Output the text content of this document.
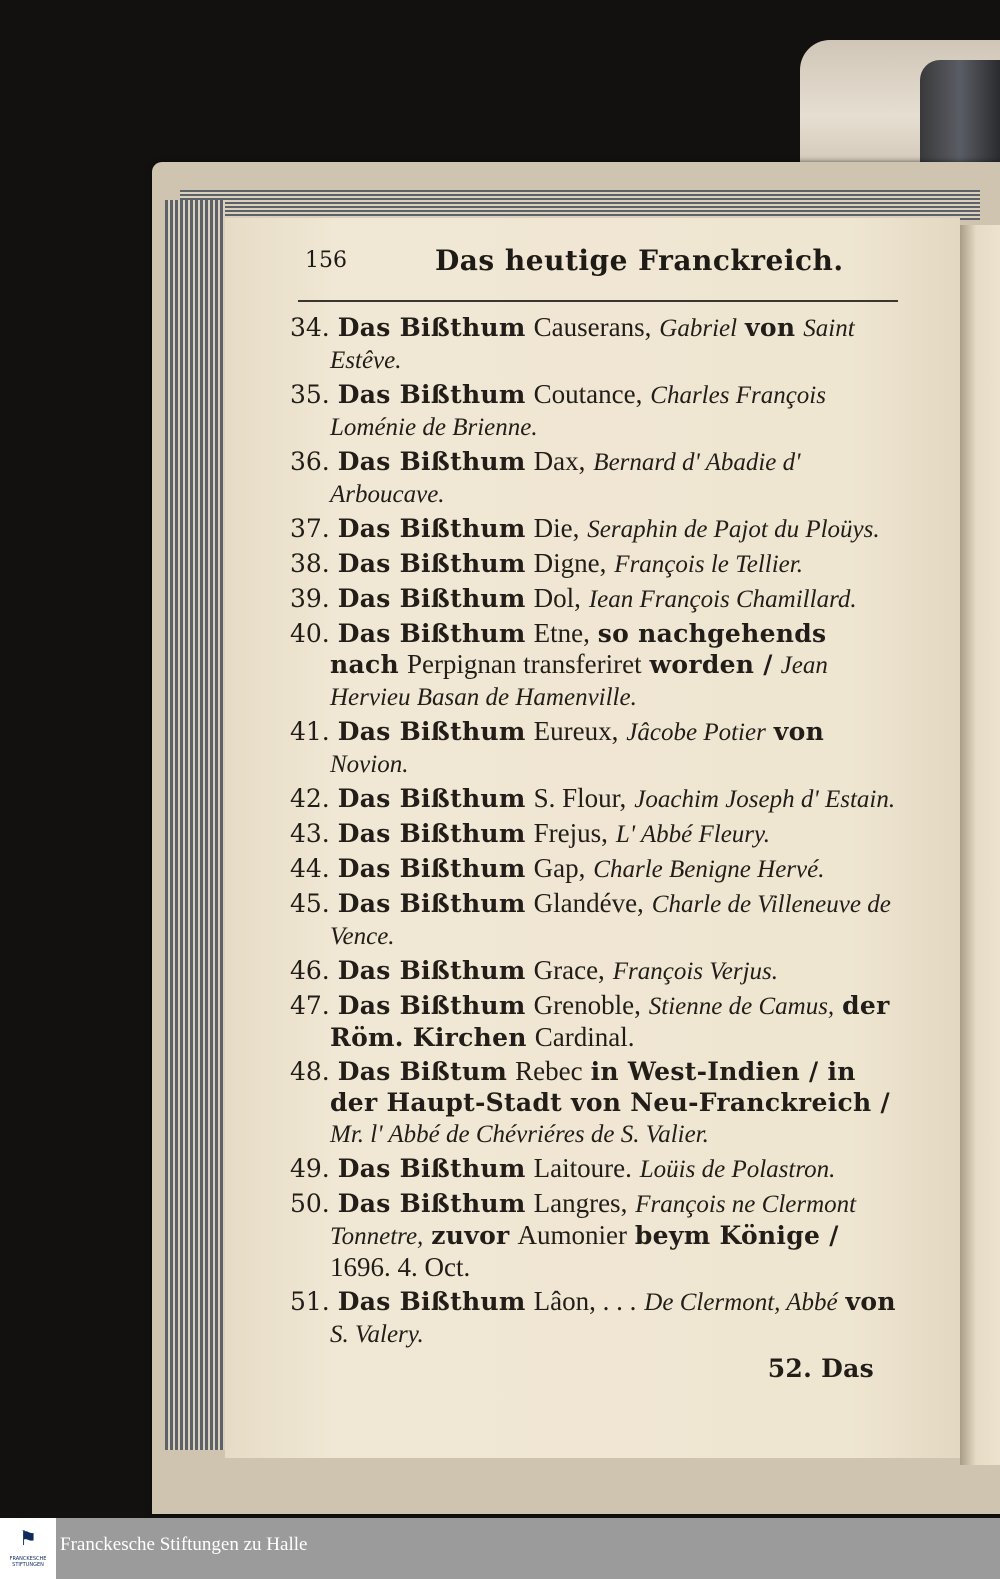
156	Das heutige Franckreich.
34. Das Bißthum Causerans, Gabriel von Saint Estêve.
35. Das Bißthum Coutance, Charles François Loménie de Brienne.
36. Das Bißthum Dax, Bernard d' Abadie d' Arboucave.
37. Das Bißthum Die, Seraphin de Pajot du Ploüys.
38. Das Bißthum Digne, François le Tellier.
39. Das Bißthum Dol, Iean François Chamillard.
40. Das Bißthum Etne, so nachgehends nach Perpignan transferiret worden / Jean Hervieu Basan de Hamenville.
41. Das Bißthum Eureux, Jâcobe Potier von Novion.
42. Das Bißthum S. Flour, Joachim Joseph d' Estain.
43. Das Bißthum Frejus, L' Abbé Fleury.
44. Das Bißthum Gap, Charle Benigne Hervé.
45. Das Bißthum Glandéve, Charle de Villeneuve de Vence.
46. Das Bißthum Grace, François Verjus.
47. Das Bißthum Grenoble, Stienne de Camus, der Röm. Kirchen Cardinal.
48. Das Bißtum Rebec in West-Indien / in der Haupt-Stadt von Neu-Franckreich / Mr. l' Abbé de Chévriéres de S. Valier.
49. Das Bißthum Laitoure. Loüis de Polastron.
50. Das Bißthum Langres, François ne Clermont Tonnetre, zuvor Aumonier beym Könige / 1696. 4. Oct.
51. Das Bißthum Lâon, . . . De Clermont, Abbé von S. Valery.
52. Das
⚑
FRANCKESCHE STIFTUNGEN
Franckesche Stiftungen zu Halle
